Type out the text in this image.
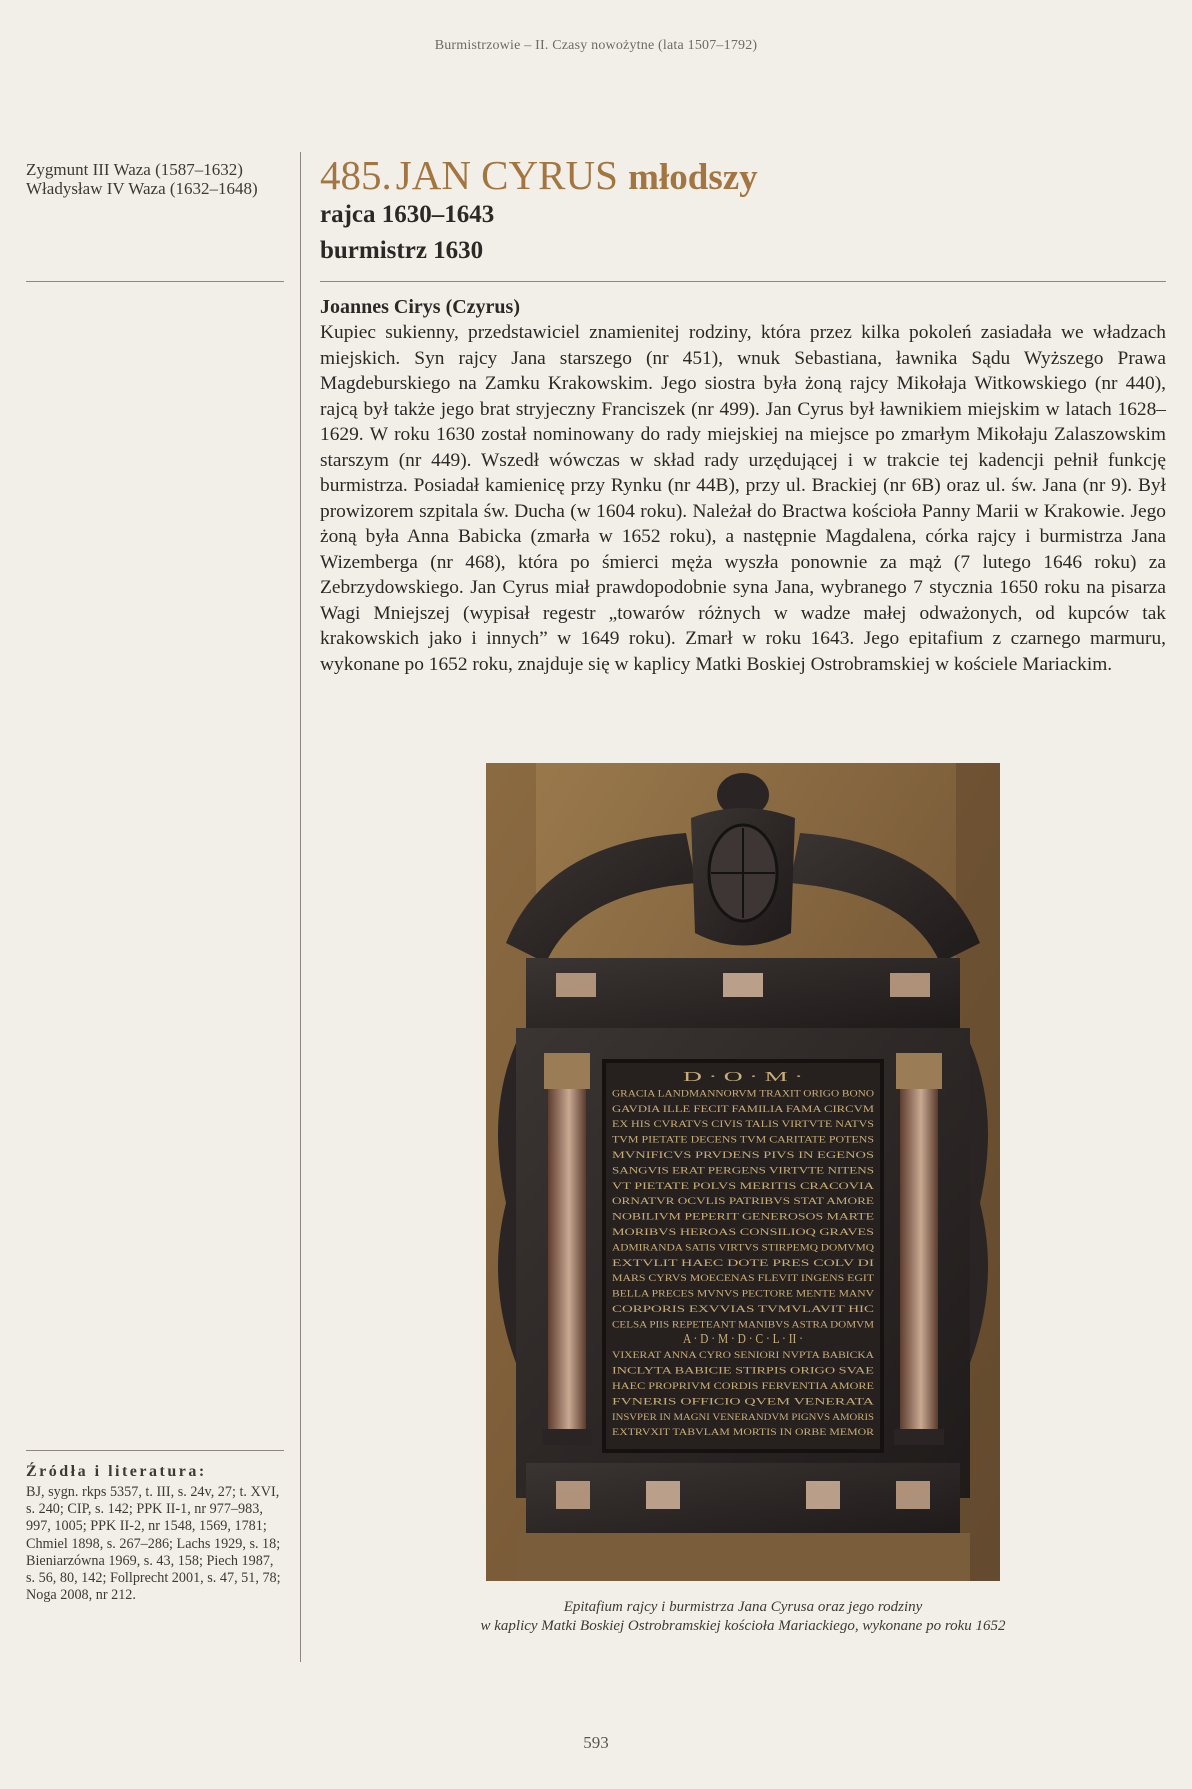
Burmistrzowie – II. Czasy nowożytne (lata 1507–1792)
Zygmunt III Waza (1587–1632)
Władysław IV Waza (1632–1648)	485.JAN CYRUS młodszy
rajca 1630–1643
burmistrz 1630
Joannes Cirys (Czyrus)

Kupiec sukienny, przedstawiciel znamienitej rodziny, która przez kilka pokoleń zasiadała we władzach miejskich. Syn rajcy Jana starszego (nr 451), wnuk Sebastiana, ławnika Sądu Wyższego Prawa Magdeburskiego na Zamku Krakowskim. Jego siostra była żoną rajcy Mikołaja Witkowskiego (nr 440), rajcą był także jego brat stryjeczny Franciszek (nr 499). Jan Cyrus był ławnikiem miejskim w latach 1628–1629. W roku 1630 został nominowany do rady miejskiej na miejsce po zmarłym Mikołaju Zalaszowskim starszym (nr 449). Wszedł wówczas w skład rady urzędującej i w trakcie tej kadencji pełnił funkcję burmistrza. Posiadał kamienicę przy Rynku (nr 44B), przy ul. Brackiej (nr 6B) oraz ul. św. Jana (nr 9). Był prowizorem szpitala św. Ducha (w 1604 roku). Należał do Bractwa kościoła Panny Marii w Krakowie. Jego żoną była Anna Babicka (zmarła w 1652 roku), a następnie Magdalena, córka rajcy i burmistrza Jana Wizemberga (nr 468), która po śmierci męża wyszła ponownie za mąż (7 lutego 1646 roku) za Zebrzydowskiego. Jan Cyrus miał prawdopodobnie syna Jana, wybranego 7 stycznia 1650 roku na pisarza Wagi Mniejszej (wypisał regestr „towarów różnych w wadze małej odważonych, od kupców tak krakowskich jako i innych” w 1649 roku). Zmarł w roku 1643. Jego epitafium z czarnego marmuru, wykonane po 1652 roku, znajduje się w kaplicy Matki Boskiej Ostrobramskiej w kościele Mariackim.

D · O · M ·
GRACIA LANDMANNORVM TRAXIT ORIGO BONO
GAVDIA ILLE FECIT FAMILIA FAMA CIRCVM
EX HIS CVRATVS CIVIS TALIS VIRTVTE NATVS
TVM PIETATE DECENS TVM CARITATE POTENS
MVNIFICVS PRVDENS PIVS IN EGENOS
SANGVIS ERAT PERGENS VIRTVTE NITENS
VT PIETATE POLVS MERITIS CRACOVIA
ORNATVR OCVLIS PATRIBVS STAT AMORE
NOBILIVM PEPERIT GENEROSOS MARTE
MORIBVS HEROAS CONSILIOQ GRAVES
ADMIRANDA SATIS VIRTVS STIRPEMQ DOMVMQ
EXTVLIT HAEC DOTE PRES COLV DI
MARS CYRVS MOECENAS FLEVIT INGENS EGIT
BELLA PRECES MVNVS PECTORE MENTE MANV
CORPORIS EXVVIAS TVMVLAVIT HIC
CELSA PIIS REPETEANT MANIBVS ASTRA DOMVM
A · D · M · D · C · L · II ·
VIXERAT ANNA CYRO SENIORI NVPTA BABICKA
INCLYTA BABICIE STIRPIS ORIGO SVAE
HAEC PROPRIVM CORDIS FERVENTIA AMORE
FVNERIS OFFICIO QVEM VENERATA
INSVPER IN MAGNI VENERANDVM PIGNVS AMORIS
EXTRVXIT TABVLAM MORTIS IN ORBE MEMOR
Epitafium rajcy i burmistrza Jana Cyrusa oraz jego rodziny
w kaplicy Matki Boskiej Ostrobramskiej kościoła Mariackiego, wykonane po roku 1652
Źródła i literatura:

BJ, sygn. rkps 5357, t. III, s. 24v, 27; t. XVI, s. 240; CIP, s. 142; PPK II-1, nr 977–983, 997, 1005; PPK II-2, nr 1548, 1569, 1781; Chmiel 1898, s. 267–286; Lachs 1929, s. 18; Bieniarzówna 1969, s. 43, 158; Piech 1987, s. 56, 80, 142; Follprecht 2001, s. 47, 51, 78; Noga 2008, nr 212.

593
